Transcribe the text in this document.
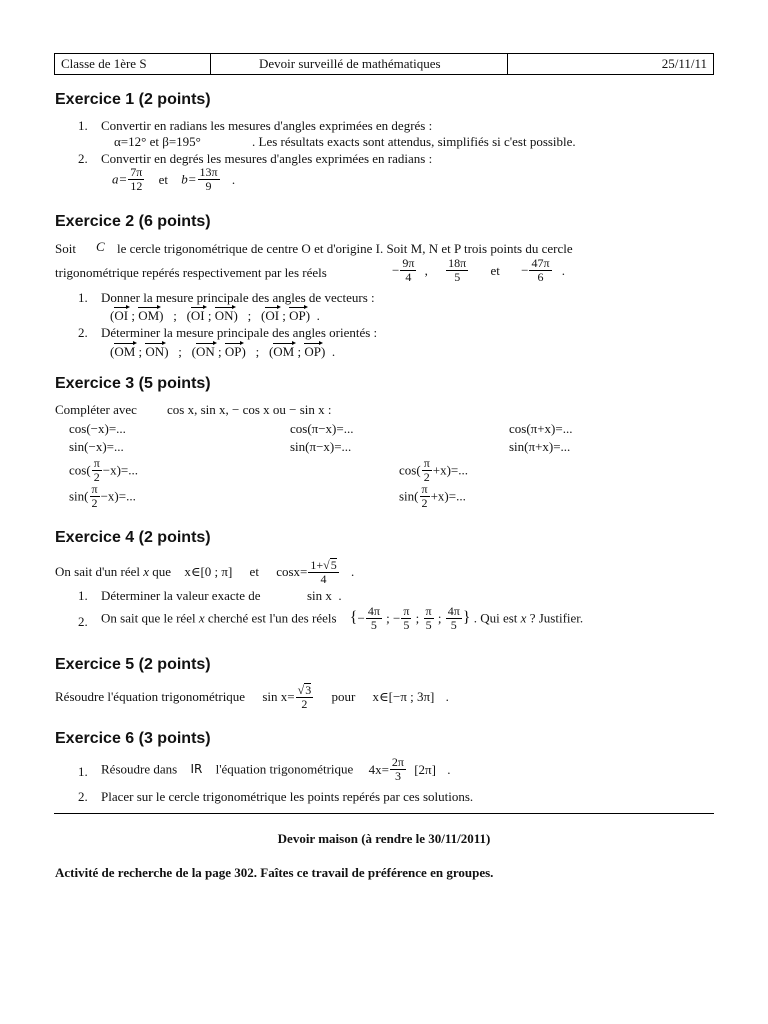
Classe de 1ère S	Devoir surveillé de mathématiques	25/11/11
Exercice 1 (2 points)
1. Convertir en radians les mesures d'angles exprimées en degrés :
α=12° et β=195°	. Les résultats exacts sont attendus, simplifiés si c'est possible.
2. Convertir en degrés les mesures d'angles exprimées en radians :
$a= \frac{7\pi}{12}$ et $b= \frac{13\pi}{9}$ .
Exercice 2 (6 points)
Soit C le cercle trigonométrique de centre O et d'origine I. Soit M, N et P trois points du cercle
trigonométrique repérés respectivement par les réels	− $\frac{9\pi}{4}$ , $\frac{18\pi}{5}$ et − $\frac{47\pi}{6}$ .
1. Donner la mesure principale des angles de vecteurs :
(OI ; OM)   ;   (OI ; ON)   ;   (OI ; OP)  .
2. Déterminer la mesure principale des angles orientés :
(OM ; ON)   ;   (ON ; OP)   ;   (OM ; OP)  .
Exercice 3 (5 points)
Compléter avec cos x, sin x, − cos x ou − sin x :
cos(−x)=...	cos(π−x)=...	cos(π+x)=...
sin(−x)=...	sin(π−x)=...	sin(π+x)=...
$\cos( \frac{\pi}{2} -x)=$...	$\cos( \frac{\pi}{2} +x)=$...
$\sin( \frac{\pi}{2} -x)=$...	$\sin( \frac{\pi}{2} +x)=$...
Exercice 4 (2 points)
On sait d'un réel x que x∈[0 ; π] et $\cos x= \frac{1+√5}{4}$ .
1. Déterminer la valeur exacte de	sin x  .
2. On sait que le réel x cherché est l'un des réels {− $\frac{4\pi}{5}$ ; − $\frac{\pi}{5}$ ; $\frac{\pi}{5}$ ; $\frac{4\pi}{5}$ } . Qui est x ? Justifier.
Exercice 5 (2 points)
Résoudre l'équation trigonométrique $\sin x= \frac{√3}{2}$ pour x∈[−π ; 3π] .
Exercice 6 (3 points)
1. Résoudre dans IR l'équation trigonométrique $4x= \frac{2\pi}{3} [2\pi]$ .
2. Placer sur le cercle trigonométrique les points repérés par ces solutions.
Devoir maison (à rendre le 30/11/2011)
Activité de recherche de la page 302. Faîtes ce travail de préférence en groupes.
